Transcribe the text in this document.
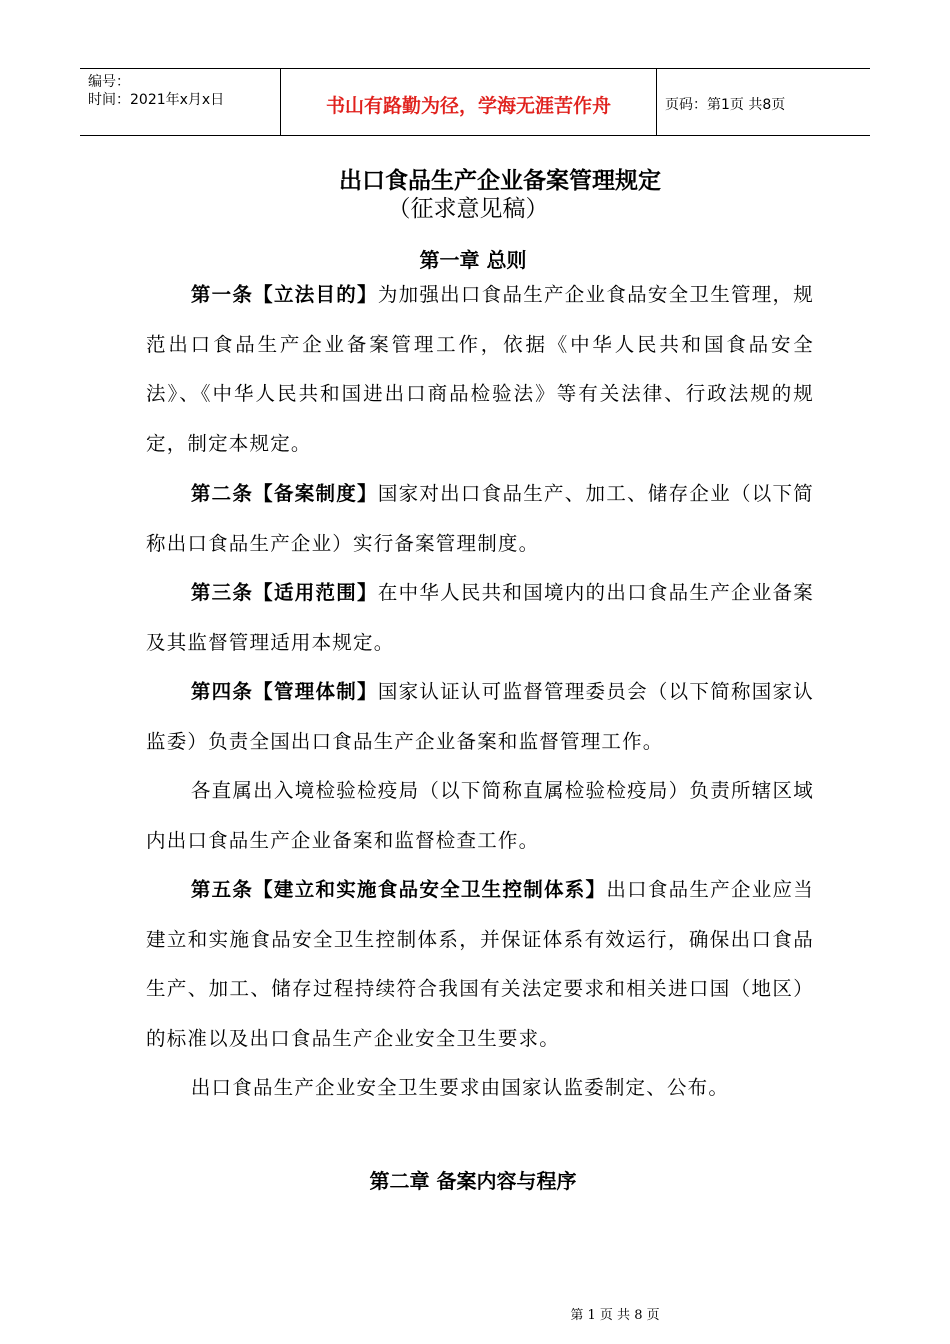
编号：
时间：2021年x月x日	书山有路勤为径，学海无涯苦作舟	页码：第1页 共8页
出口食品生产企业备案管理规定
（征求意见稿）
第一章 总则
第一条【立法目的】为加强出口食品生产企业食品安全卫生管理，规范出口食品生产企业备案管理工作，依据《中华人民共和国食品安全法》、《中华人民共和国进出口商品检验法》等有关法律、行政法规的规定，制定本规定。
第二条【备案制度】国家对出口食品生产、加工、储存企业（以下简称出口食品生产企业）实行备案管理制度。
第三条【适用范围】在中华人民共和国境内的出口食品生产企业备案及其监督管理适用本规定。
第四条【管理体制】国家认证认可监督管理委员会（以下简称国家认监委）负责全国出口食品生产企业备案和监督管理工作。
各直属出入境检验检疫局（以下简称直属检验检疫局）负责所辖区域内出口食品生产企业备案和监督检查工作。
第五条【建立和实施食品安全卫生控制体系】出口食品生产企业应当建立和实施食品安全卫生控制体系，并保证体系有效运行，确保出口食品生产、加工、储存过程持续符合我国有关法定要求和相关进口国（地区）的标准以及出口食品生产企业安全卫生要求。
出口食品生产企业安全卫生要求由国家认监委制定、公布。
第二章 备案内容与程序
第 1 页 共 8 页
